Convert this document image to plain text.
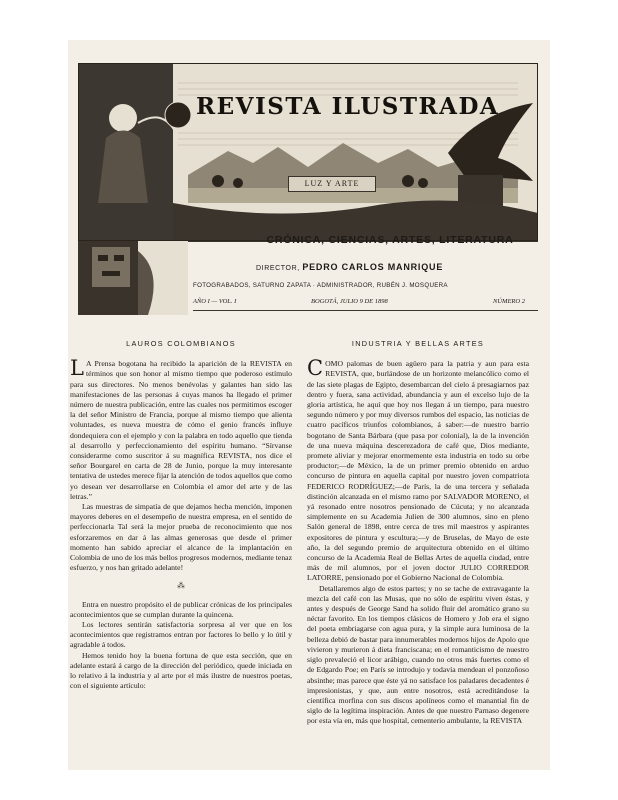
REVISTA ILUSTRADA
LUZ Y ARTE
CRÓNICA, CIENCIAS, ARTES, LITERATURA
DIRECTOR, PEDRO CARLOS MANRIQUE
FOTOGRABADOS, SATURNO ZAPATA · ADMINISTRADOR, RUBÉN J. MOSQUERA
AÑO I — VOL. I	BOGOTÁ, JULIO 9 DE 1898	NÚMERO 2
LAUROS COLOMBIANOS

L A Prensa bogotana ha recibido la aparición de la REVISTA en términos que son honor al mismo tiempo que poderoso estímulo para sus directores. No menos benévolas y galantes han sido las manifestaciones de las personas á cuyas manos ha llegado el primer número de nuestra publicación, entre las cuales nos permitimos escoger la del señor Ministro de Francia, porque al mismo tiempo que alienta voluntades, es nueva muestra de cómo el genio francés influye dondequiera con el ejemplo y con la palabra en todo aquello que tienda al desarrollo y perfeccionamiento del espíritu humano. “Sírvanse considerarme como suscritor á su magnífica REVISTA, nos dice el señor Bourgarel en carta de 28 de Junio, porque la muy interesante tentativa de ustedes merece fijar la atención de todos aquellos que como yo desean ver desarrollarse en Colombia el amor del arte y de las letras.”

Las muestras de simpatía de que dejamos hecha mención, imponen mayores deberes en el desempeño de nuestra empresa, en el sentido de perfeccionarla Tal será la mejor prueba de reconocimiento que nos esforzaremos en dar á las almas generosas que desde el primer momento han sabido apreciar el alcance de la implantación en Colombia de uno de los más bellos progresos modernos, mediante tenaz esfuerzo, y nos han gritado adelante!

⁂

Entra en nuestro propósito el de publicar crónicas de los principales acontecimientos que se cumplan durante la quincena.

Los lectores sentirán satisfactoria sorpresa al ver que en los acontecimientos que registramos entran por factores lo bello y lo útil y agradable á todos.

Hemos tenido hoy la buena fortuna de que esta sección, que en adelante estará á cargo de la dirección del periódico, quede iniciada en lo relativo á la industria y al arte por el más ilustre de nuestros poetas, con el siguiente artículo:

INDUSTRIA Y BELLAS ARTES

COMO palomas de buen agüero para la patria y aun para esta REVISTA, que, burlándose de un horizonte melancólico como el de las siete plagas de Egipto, desembarcan del cielo á presagiarnos paz dentro y fuera, sana actividad, abundancia y aun el excelso lujo de la gloria artística, he aquí que hoy nos llegan á un tiempo, para nuestro segundo número y por muy diversos rumbos del espacio, las noticias de cuatro pacíficos triunfos colombianos, á saber:—de nuestro barrio bogotano de Santa Bárbara (que pasa por colonial), la de la invención de una nueva máquina descerezadora de café que, Dios mediante, promete aliviar y mejorar enormemente esta industria en todo su orbe productor;—de México, la de un primer premio obtenido en arduo concurso de pintura en aquella capital por nuestro joven compatriota FEDERICO RODRÍGUEZ;—de París, la de una tercera y señalada distinción alcanzada en el mismo ramo por SALVADOR MORENO, el yá resonado entre nosotros pensionado de Cúcuta; y no alcanzada simplemente en su Academia Julien de 300 alumnos, sino en pleno Salón general de 1898, entre cerca de tres mil maestros y aspirantes expositores de pintura y escultura;—y de Bruselas, de Mayo de este año, la del segundo premio de arquitectura obtenido en el último concurso de la Academia Real de Bellas Artes de aquella ciudad, entre más de mil alumnos, por el joven doctor JULIO CORREDOR LATORRE, pensionado por el Gobierno Nacional de Colombia.

Detallaremos algo de estos partes; y no se tache de extravagante la mezcla del café con las Musas, que no sólo de espíritu viven éstas, y antes y después de George Sand ha solido fluir del aromático grano su néctar favorito. En los tiempos clásicos de Homero y Job era el signo del poeta embriagarse con agua pura, y la simple aura luminosa de la belleza debió de bastar para innumerables modernos hijos de Apolo que vivieron y murieron á dieta franciscana; en el romanticismo de nuestro siglo prevaleció el licor arábigo, cuando no otros más fuertes como el de Edgardo Poe; en París se introdujo y todavía mendean el ponzoñoso absinthe; mas parece que éste yá no satisface los paladares decadentes é impresionistas, y que, aun entre nosotros, está acreditándose la científica morfina con sus discos apolíneos como el manantial fin de siglo de la legítima inspiración. Antes de que nuestro Parnaso degenere por esta vía en, más que hospital, cementerio ambulante, la REVISTA
